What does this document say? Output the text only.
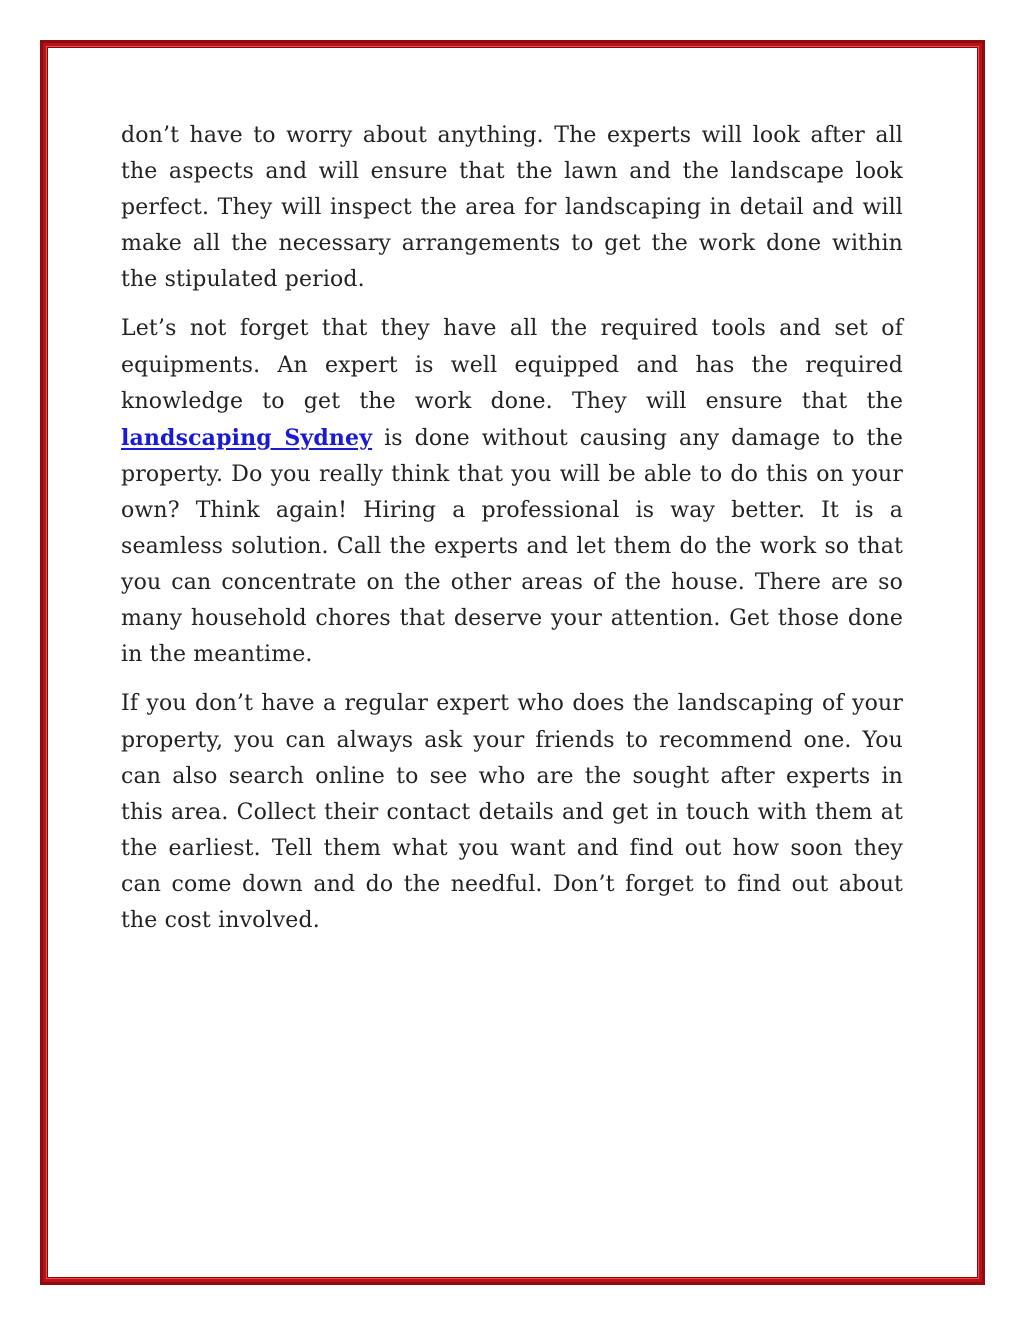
don’t have to worry about anything. The experts will look after all the aspects and will ensure that the lawn and the landscape look perfect. They will inspect the area for landscaping in detail and will make all the necessary arrangements to get the work done within the stipulated period.

Let’s not forget that they have all the required tools and set of equipments. An expert is well equipped and has the required knowledge to get the work done. They will ensure that the landscaping Sydney is done without causing any damage to the property. Do you really think that you will be able to do this on your own? Think again! Hiring a professional is way better. It is a seamless solution. Call the experts and let them do the work so that you can concentrate on the other areas of the house. There are so many household chores that deserve your attention. Get those done in the meantime.

If you don’t have a regular expert who does the landscaping of your property, you can always ask your friends to recommend one. You can also search online to see who are the sought after experts in this area. Collect their contact details and get in touch with them at the earliest. Tell them what you want and find out how soon they can come down and do the needful. Don’t forget to find out about the cost involved.
